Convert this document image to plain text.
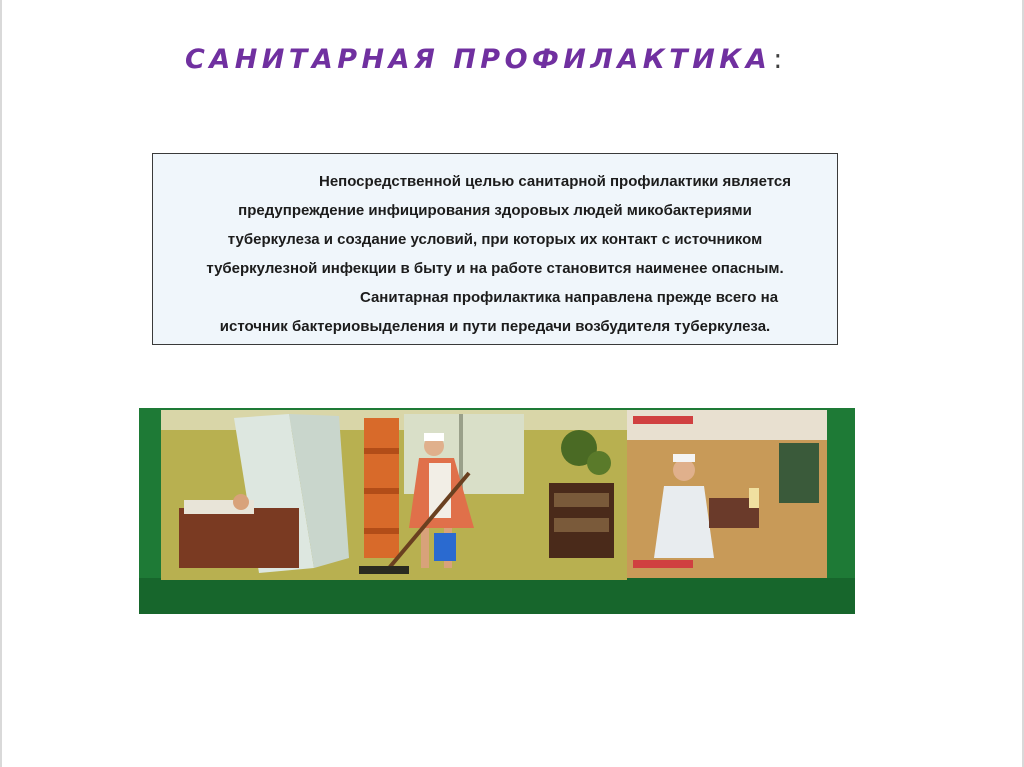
САНИТАРНАЯ ПРОФИЛАКТИКА:

Непосредственной целью санитарной профилактики является

предупреждение инфицирования здоровых людей микобактериями

туберкулеза и создание условий, при которых их контакт с источником

туберкулезной инфекции в быту и на работе становится наименее опасным.

Санитарная профилактика направлена прежде всего на

источник бактериовыделения и пути передачи возбудителя туберкулеза.
